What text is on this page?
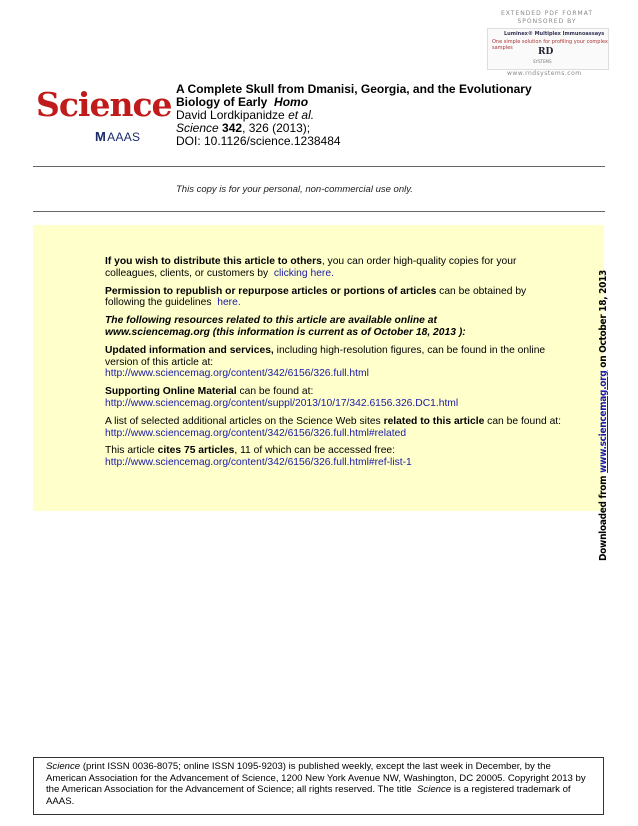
EXTENDED PDF FORMAT
SPONSORED BY
Luminex® Multiplex Immunoassays
One simple solution for profiling your complex samples	RD
SYSTEMS
www.rndsystems.com
Science
MAAAS
A Complete Skull from Dmanisi, Georgia, and the Evolutionary
Biology of Early Homo
David Lordkipanidze et al.
Science 342, 326 (2013);
DOI: 10.1126/science.1238484
This copy is for your personal, non-commercial use only.

If you wish to distribute this article to others, you can order high-quality copies for your colleagues, clients, or customers by clicking here.

Permission to republish or repurpose articles or portions of articles can be obtained by following the guidelines here.

The following resources related to this article are available online at
www.sciencemag.org (this information is current as of October 18, 2013 ):

Updated information and services, including high-resolution figures, can be found in the online version of this article at:
http://www.sciencemag.org/content/342/6156/326.full.html

Supporting Online Material can be found at:
http://www.sciencemag.org/content/suppl/2013/10/17/342.6156.326.DC1.html

A list of selected additional articles on the Science Web sites related to this article can be found at:
http://www.sciencemag.org/content/342/6156/326.full.html#related

This article cites 75 articles, 11 of which can be accessed free:
http://www.sciencemag.org/content/342/6156/326.full.html#ref-list-1

Downloaded from www.sciencemag.org on October 18, 2013
Science (print ISSN 0036-8075; online ISSN 1095-9203) is published weekly, except the last week in December, by the American Association for the Advancement of Science, 1200 New York Avenue NW, Washington, DC 20005. Copyright 2013 by the American Association for the Advancement of Science; all rights reserved. The title Science is a registered trademark of AAAS.
